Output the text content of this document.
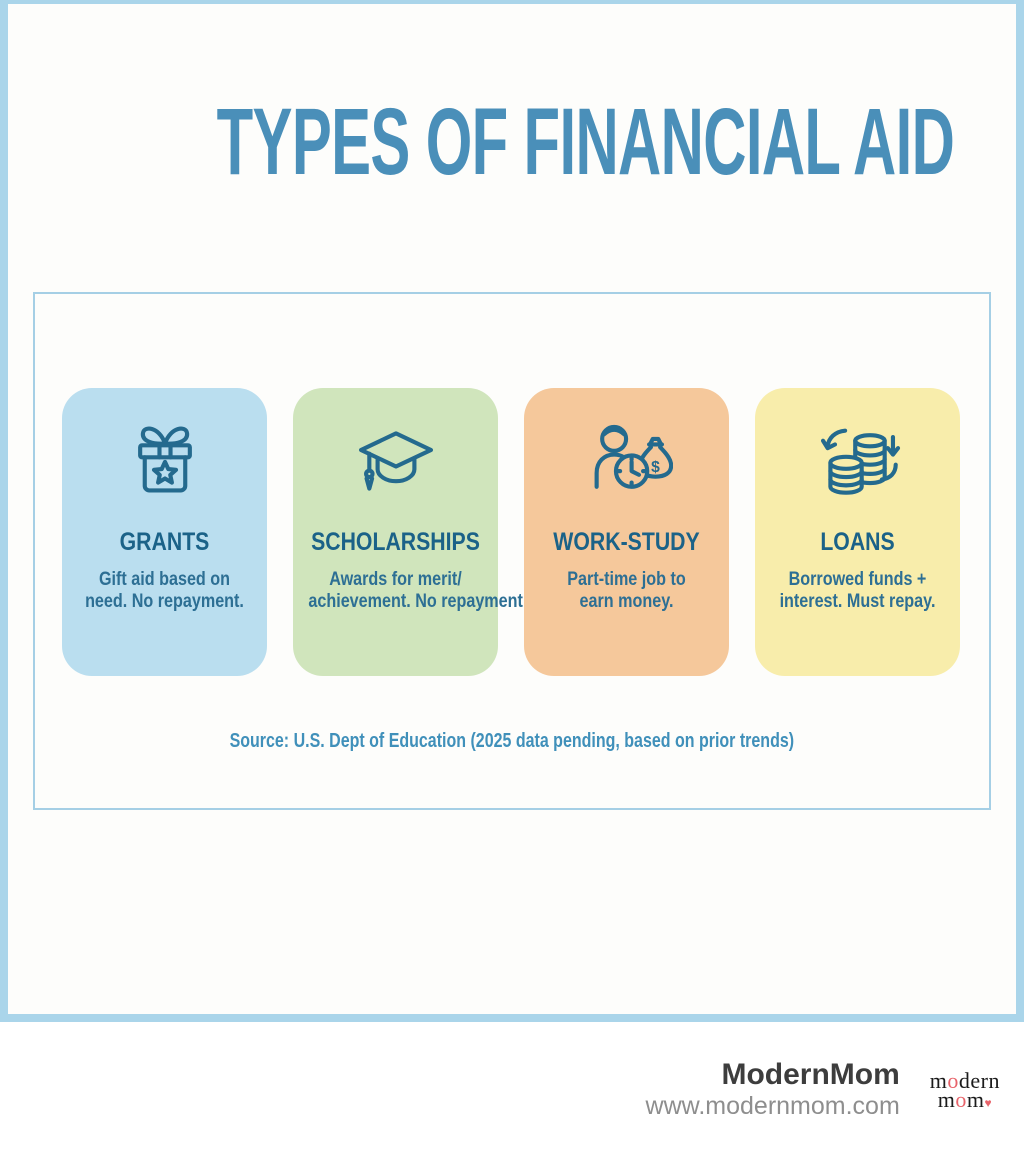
TYPES OF FINANCIAL AID
GRANTS
Gift aid based on
need. No repayment.
SCHOLARSHIPS
Awards for merit/
achievement. No repayment
$
WORK-STUDY
Part-time job to
earn money.
LOANS
Borrowed funds +
interest. Must repay.
Source: U.S. Dept of Education (2025 data pending, based on prior trends)
ModernMom
www.modernmom.com
modern
mom♥
